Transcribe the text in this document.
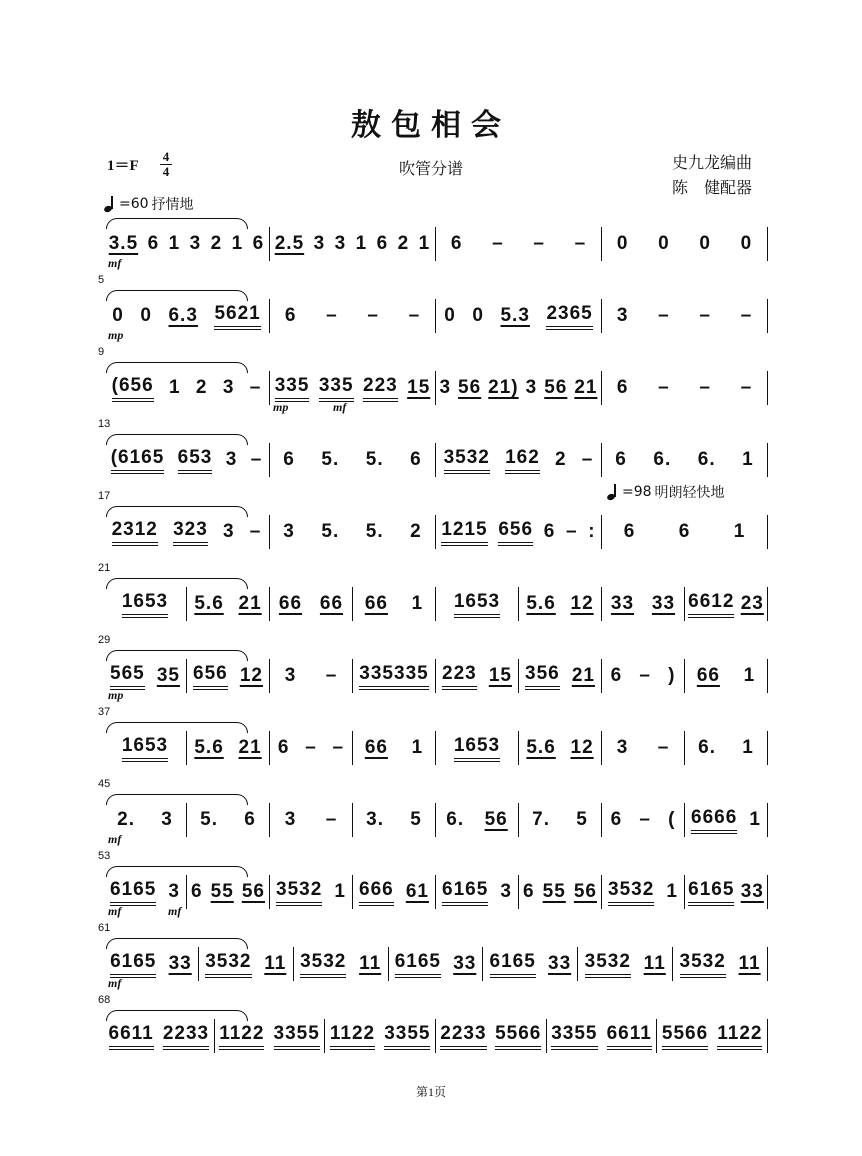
敖包相会
1＝F
4
4	吹管分谱	史九龙编曲
陈　健配器
=60 抒情地
=98 明朗轻快地
3.5 6 1 3 2 1 6 2.5 3 3 1 6 2 1 6 – – – 0 0 0 0
mf
5
0 0 6.3 5621 6 – – – 0 0 5.3 2365 3 – – –
mp
9
(656 1 2 3 – 335 335 223 15 3 56 21) 3 56 21 6 – – –
mp	mf
13
(6165 653 3 – 6 5. 5. 6 3532 162 2 – 6 6. 6. 1
17
2312 323 3 – 3 5. 5. 2 1215 656 6 – : 6 6 1
21
1653 5.6 21 66 66 66 1 1653 5.6 12 33 33 6612 23
29
565 35 656 12 3 – 335335 223 15 356 21 6 – ) 66 1
mp
37
1653 5.6 21 6 – – 66 1 1653 5.6 12 3 – 6. 1
45
2. 3 5. 6 3 – 3. 5 6. 56 7. 5 6 – ( 6666 1
mf
53
6165 3 6 55 56 3532 1 666 61 6165 3 6 55 56 3532 1 6165 33
mf	mf
61
6165 33 3532 11 3532 11 6165 33 6165 33 3532 11 3532 11
mf
68
6611 2233 1122 3355 1122 3355 2233 5566 3355 6611 5566 1122
第1页
